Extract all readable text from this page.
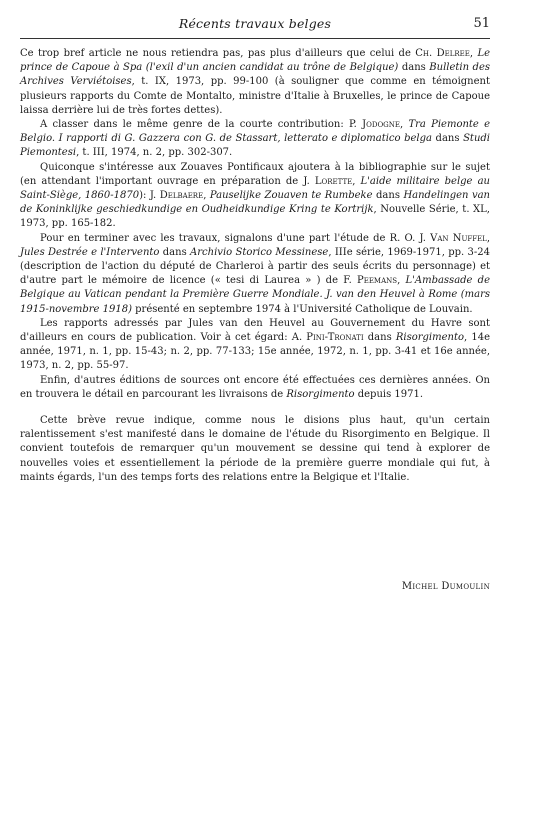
Récents travaux belges	51

Ce trop bref article ne nous retiendra pas, pas plus d'ailleurs que celui de Ch. Delree, Le prince de Capoue à Spa (l'exil d'un ancien candidat au trône de Belgique) dans Bulletin des Archives Verviétoises, t. IX, 1973, pp. 99-100 (à souligner que comme en témoignent plusieurs rapports du Comte de Montalto, ministre d'Italie à Bruxelles, le prince de Capoue laissa derrière lui de très fortes dettes).

A classer dans le même genre de la courte contribution: P. Jodogne, Tra Piemonte e Belgio. I rapporti di G. Gazzera con G. de Stassart, letterato e diplomatico belga dans Studi Piemontesi, t. III, 1974, n. 2, pp. 302-307.

Quiconque s'intéresse aux Zouaves Pontificaux ajoutera à la bibliographie sur le sujet (en attendant l'important ouvrage en préparation de J. Lorette, L'aide militaire belge au Saint-Siège, 1860-1870): J. Delbaere, Pauselijke Zouaven te Rumbeke dans Handelingen van de Koninklijke geschiedkundige en Oudheidkundige Kring te Kortrijk, Nouvelle Série, t. XL, 1973, pp. 165-182.

Pour en terminer avec les travaux, signalons d'une part l'étude de R. O. J. Van Nuffel, Jules Destrée e l'Intervento dans Archivio Storico Messinese, IIIe série, 1969-1971, pp. 3-24 (description de l'action du député de Charleroi à partir des seuls écrits du personnage) et d'autre part le mémoire de licence (« tesi di Laurea » ) de F. Peemans, L'Ambassade de Belgique au Vatican pendant la Première Guerre Mondiale. J. van den Heuvel à Rome (mars 1915-novembre 1918) présenté en septembre 1974 à l'Université Catholique de Louvain.

Les rapports adressés par Jules van den Heuvel au Gouvernement du Havre sont d'ailleurs en cours de publication. Voir à cet égard: A. Pini-Tronati dans Risorgimento, 14e année, 1971, n. 1, pp. 15-43; n. 2, pp. 77-133; 15e année, 1972, n. 1, pp. 3-41 et 16e année, 1973, n. 2, pp. 55-97.

Enfin, d'autres éditions de sources ont encore été effectuées ces dernières années. On en trouvera le détail en parcourant les livraisons de Risorgimento depuis 1971.

Cette brève revue indique, comme nous le disions plus haut, qu'un certain ralentissement s'est manifesté dans le domaine de l'étude du Risorgimento en Belgique. Il convient toutefois de remarquer qu'un mouvement se dessine qui tend à explorer de nouvelles voies et essentiellement la période de la première guerre mondiale qui fut, à maints égards, l'un des temps forts des relations entre la Belgique et l'Italie.

Michel Dumoulin
